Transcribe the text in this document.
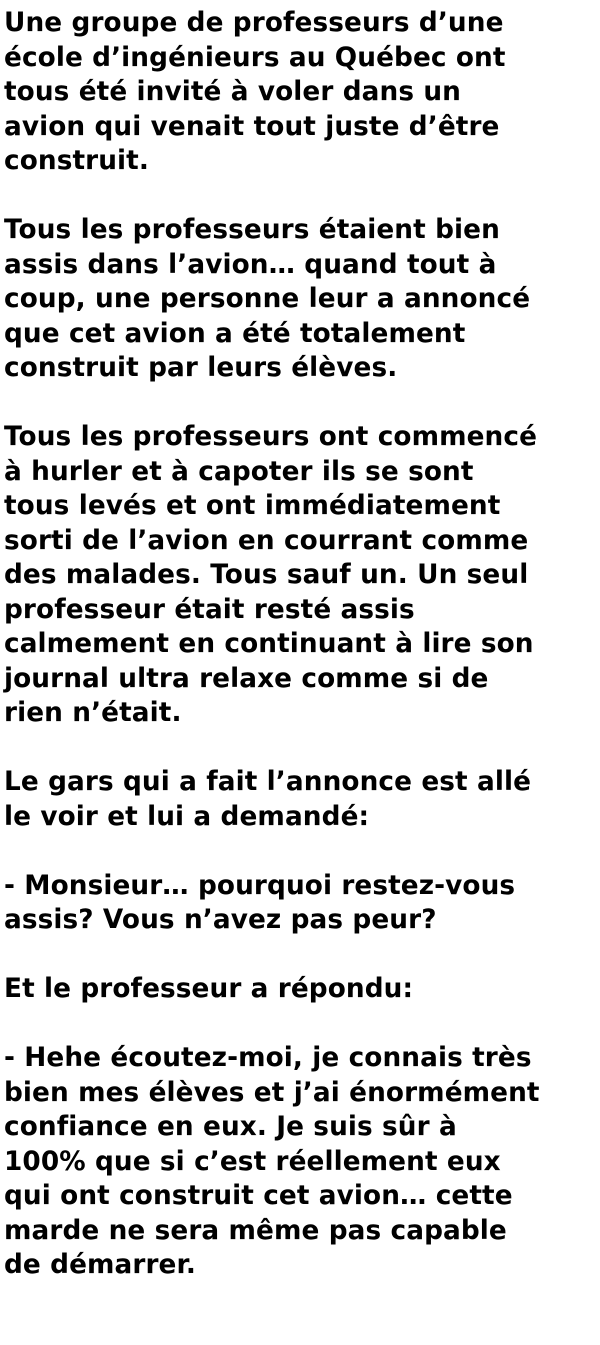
Une groupe de professeurs d’une
école d’ingénieurs au Québec ont
tous été invité à voler dans un
avion qui venait tout juste d’être
construit.

Tous les professeurs étaient bien
assis dans l’avion… quand tout à
coup, une personne leur a annoncé
que cet avion a été totalement
construit par leurs élèves.

Tous les professeurs ont commencé
à hurler et à capoter ils se sont
tous levés et ont immédiatement
sorti de l’avion en courrant comme
des malades. Tous sauf un. Un seul
professeur était resté assis
calmement en continuant à lire son
journal ultra relaxe comme si de
rien n’était.

Le gars qui a fait l’annonce est allé
le voir et lui a demandé:

- Monsieur… pourquoi restez-vous
assis? Vous n’avez pas peur?

Et le professeur a répondu:

- Hehe écoutez-moi, je connais très
bien mes élèves et j’ai énormément
confiance en eux. Je suis sûr à
100% que si c’est réellement eux
qui ont construit cet avion… cette
marde ne sera même pas capable
de démarrer.
